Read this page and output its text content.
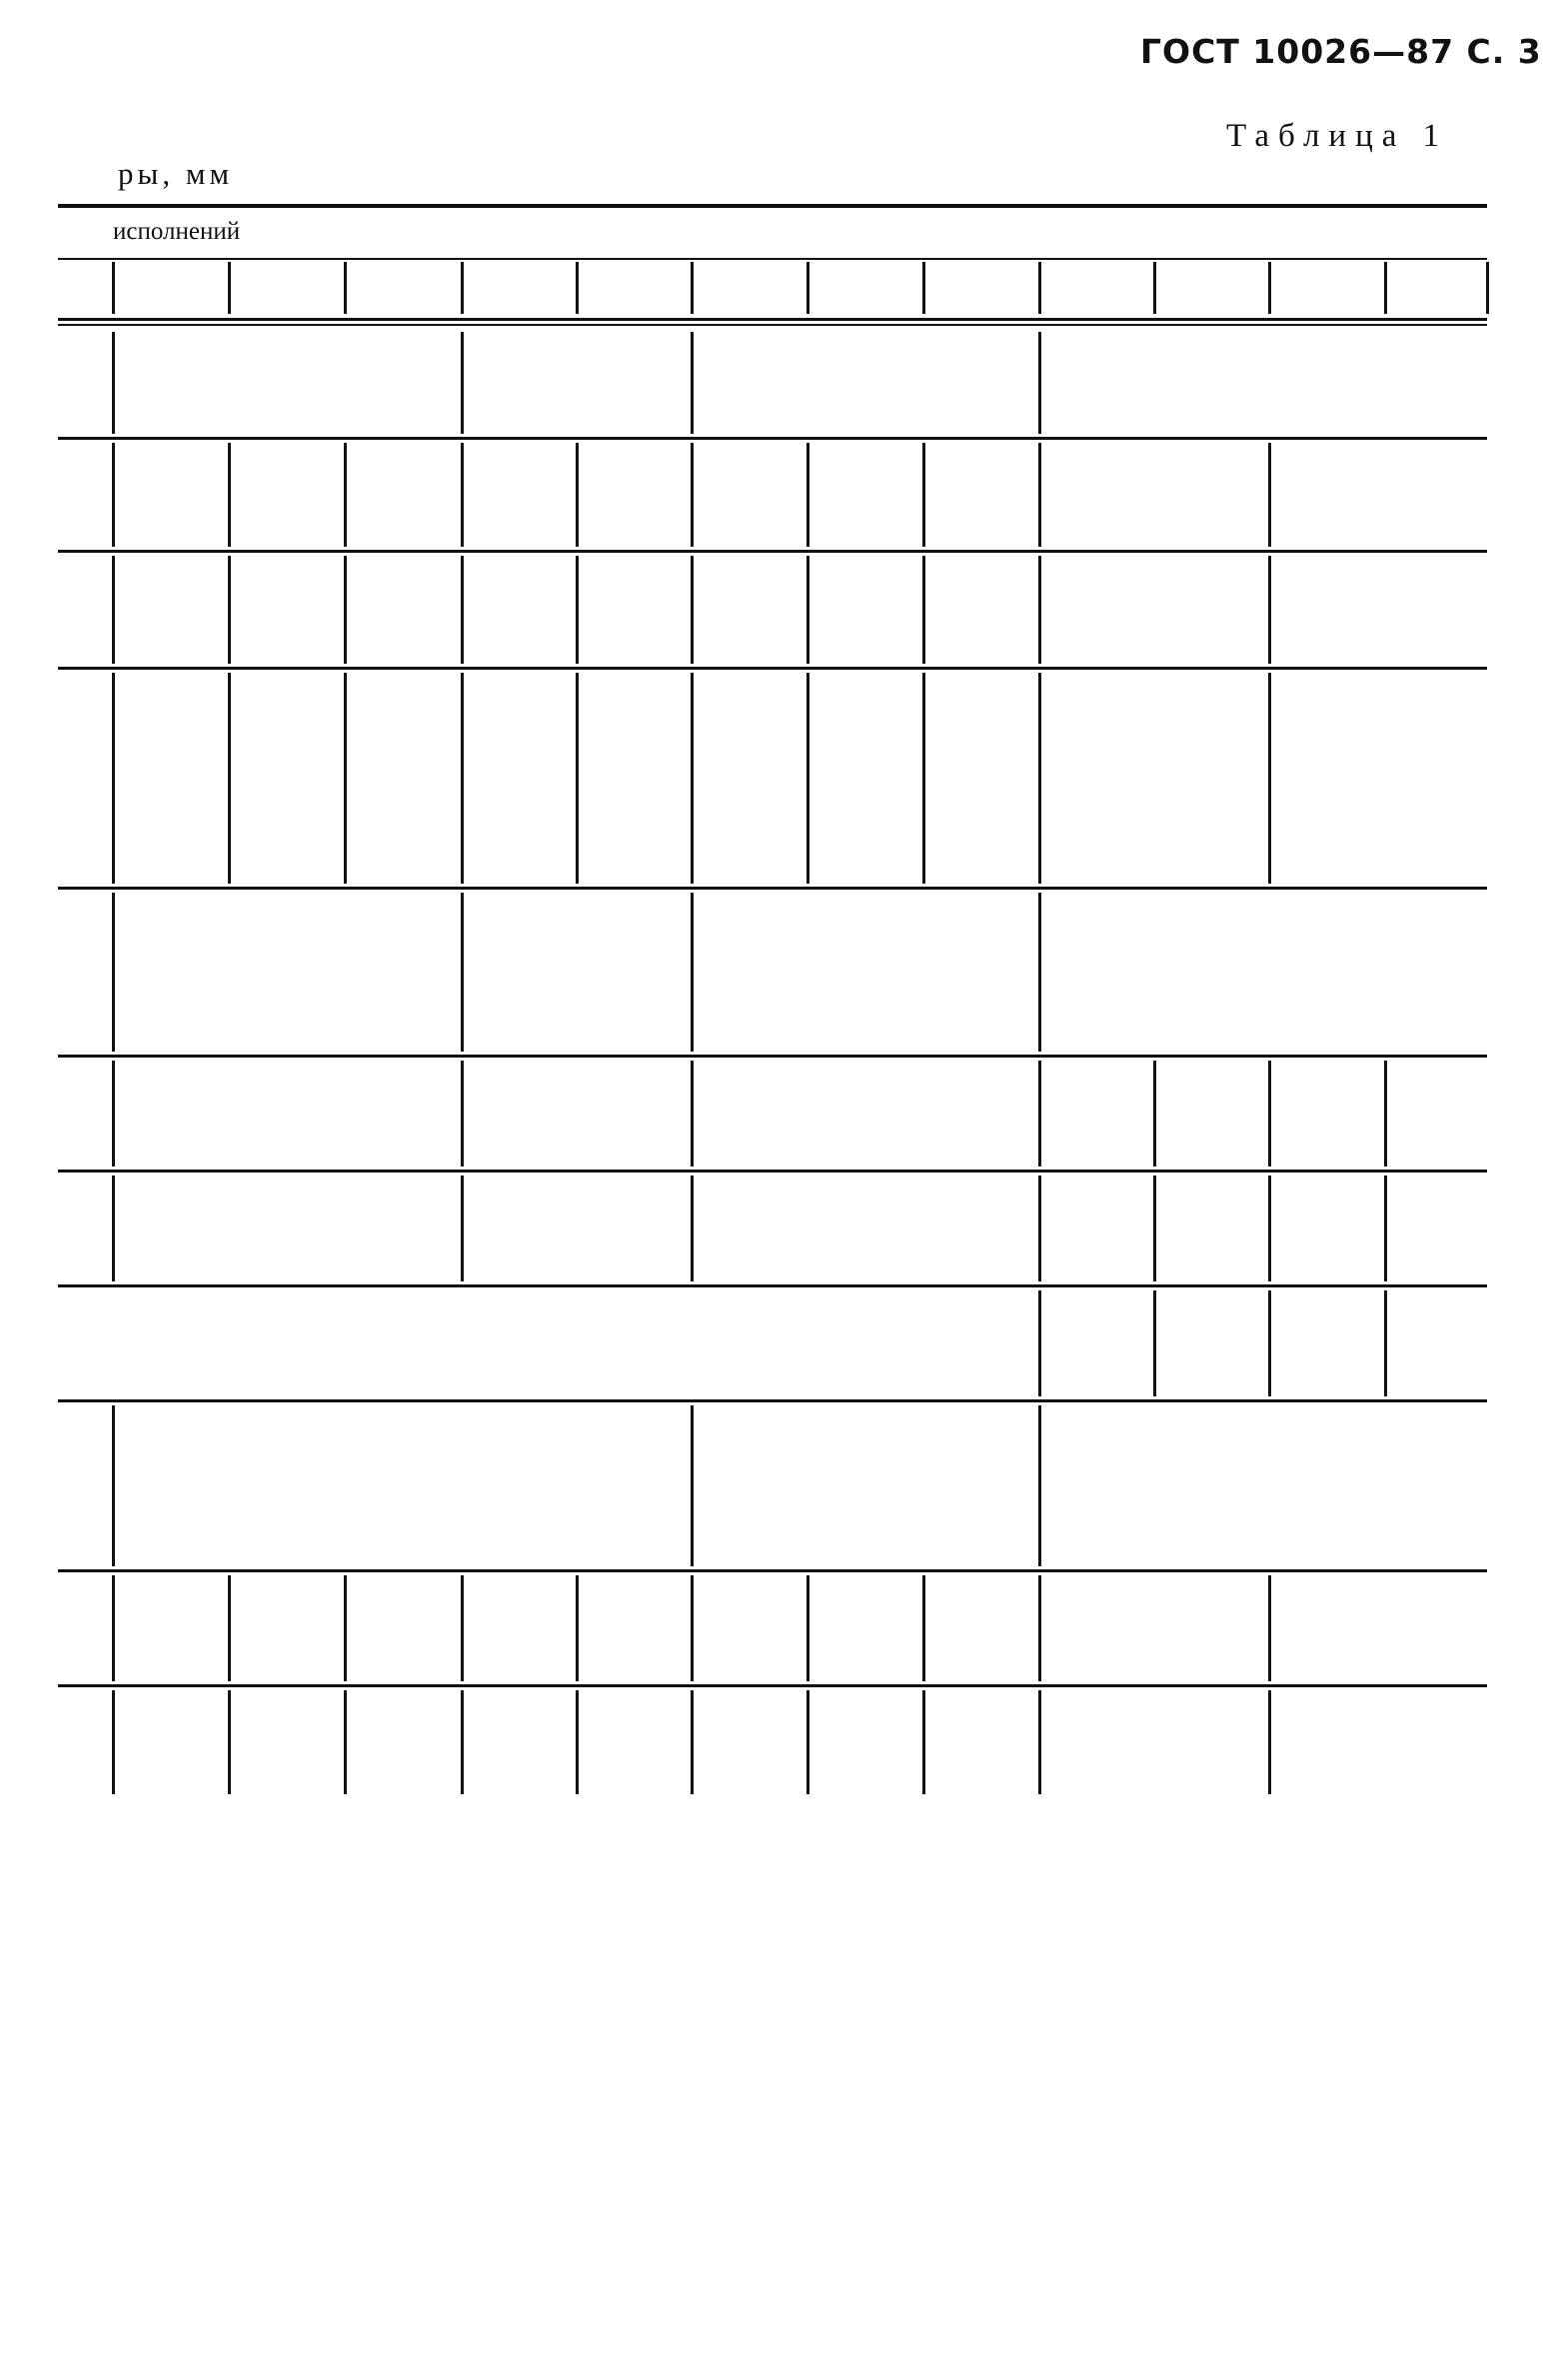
ГОСТ 10026—87 С. 3
Таблица 1
ры, мм
исполнений
